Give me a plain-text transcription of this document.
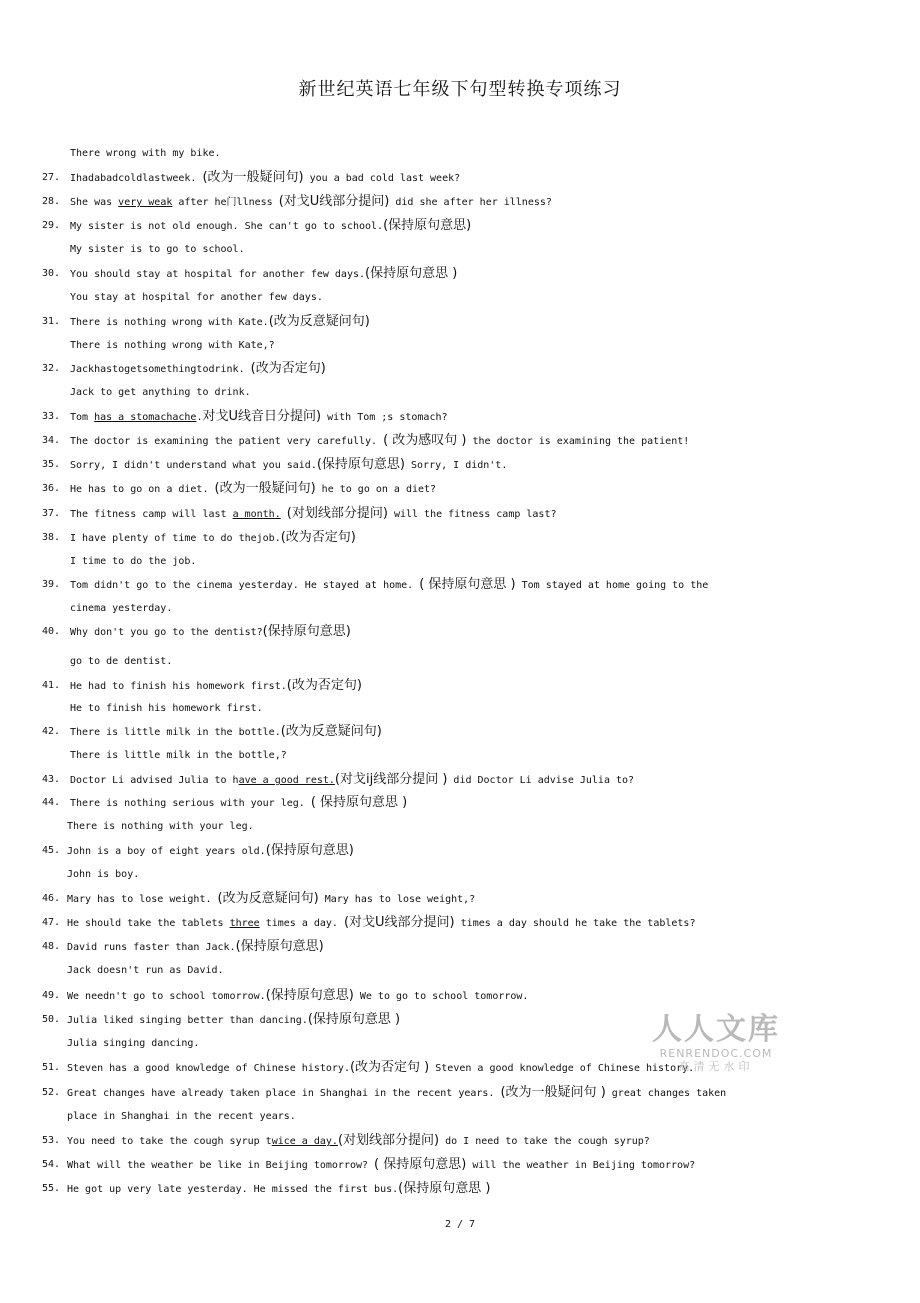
新世纪英语七年级下句型转换专项练习
There wrong with my bike.
27. Ihadabadcoldlastweek. (改为一般疑问句) you a bad cold last week?
28. She was very weak after he门llness (对戈U线部分提问) did she after her illness?
29. My sister is not old enough. She can't go to school.(保持原句意思)
My sister is to go to school.
30. You should stay at hospital for another few days.(保持原句意思 )
You stay at hospital for another few days.
31. There is nothing wrong with Kate.(改为反意疑问句)
There is nothing wrong with Kate,?
32. Jackhastogetsomethingtodrink. (改为否定句)
Jack to get anything to drink.
33. Tom has a stomachache.对戈U线音日分提问) with Tom ;s stomach?
34. The doctor is examining the patient very carefully. ( 改为感叹句 ) the doctor is examining the patient!
35. Sorry, I didn't understand what you said.(保持原句意思) Sorry, I didn't.
36. He has to go on a diet. (改为一般疑问句) he to go on a diet?
37. The fitness camp will last a month. (对划线部分提问) will the fitness camp last?
38. I have plenty of time to do thejob.(改为否定句)
I time to do the job.
39. Tom didn't go to the cinema yesterday. He stayed at home. ( 保持原句意思 ) Tom stayed at home going to the
cinema yesterday.
40. Why don't you go to the dentist?(保持原句意思)
go to de dentist.
41. He had to finish his homework first.(改为否定句)
He to finish his homework first.
42. There is little milk in the bottle.(改为反意疑问句)
There is little milk in the bottle,?
43. Doctor Li advised Julia to have a good rest.(对戈ij线部分提问 ) did Doctor Li advise Julia to?
44. There is nothing serious with your leg. ( 保持原句意思 )
There is nothing with your leg.
45. John is a boy of eight years old.(保持原句意思)
John is boy.
46. Mary has to lose weight. (改为反意疑问句) Mary has to lose weight,?
47. He should take the tablets three times a day. (对戈U线部分提问) times a day should he take the tablets?
48. David runs faster than Jack.(保持原句意思)
Jack doesn't run as David.
49. We needn't go to school tomorrow.(保持原句意思) We to go to school tomorrow.
50. Julia liked singing better than dancing.(保持原句意思 )
Julia singing dancing.
51. Steven has a good knowledge of Chinese history.(改为否定句 ) Steven a good knowledge of Chinese history.
52. Great changes have already taken place in Shanghai in the recent years. (改为一般疑问句 ) great changes taken
place in Shanghai in the recent years.
53. You need to take the cough syrup twice a day.(对划线部分提问) do I need to take the cough syrup?
54. What will the weather be like in Beijing tomorrow? ( 保持原句意思) will the weather in Beijing tomorrow?
55. He got up very late yesterday. He missed the first bus.(保持原句意思 )
人人文库
RENRENDOC.COM
高清无水印
2 / 7
